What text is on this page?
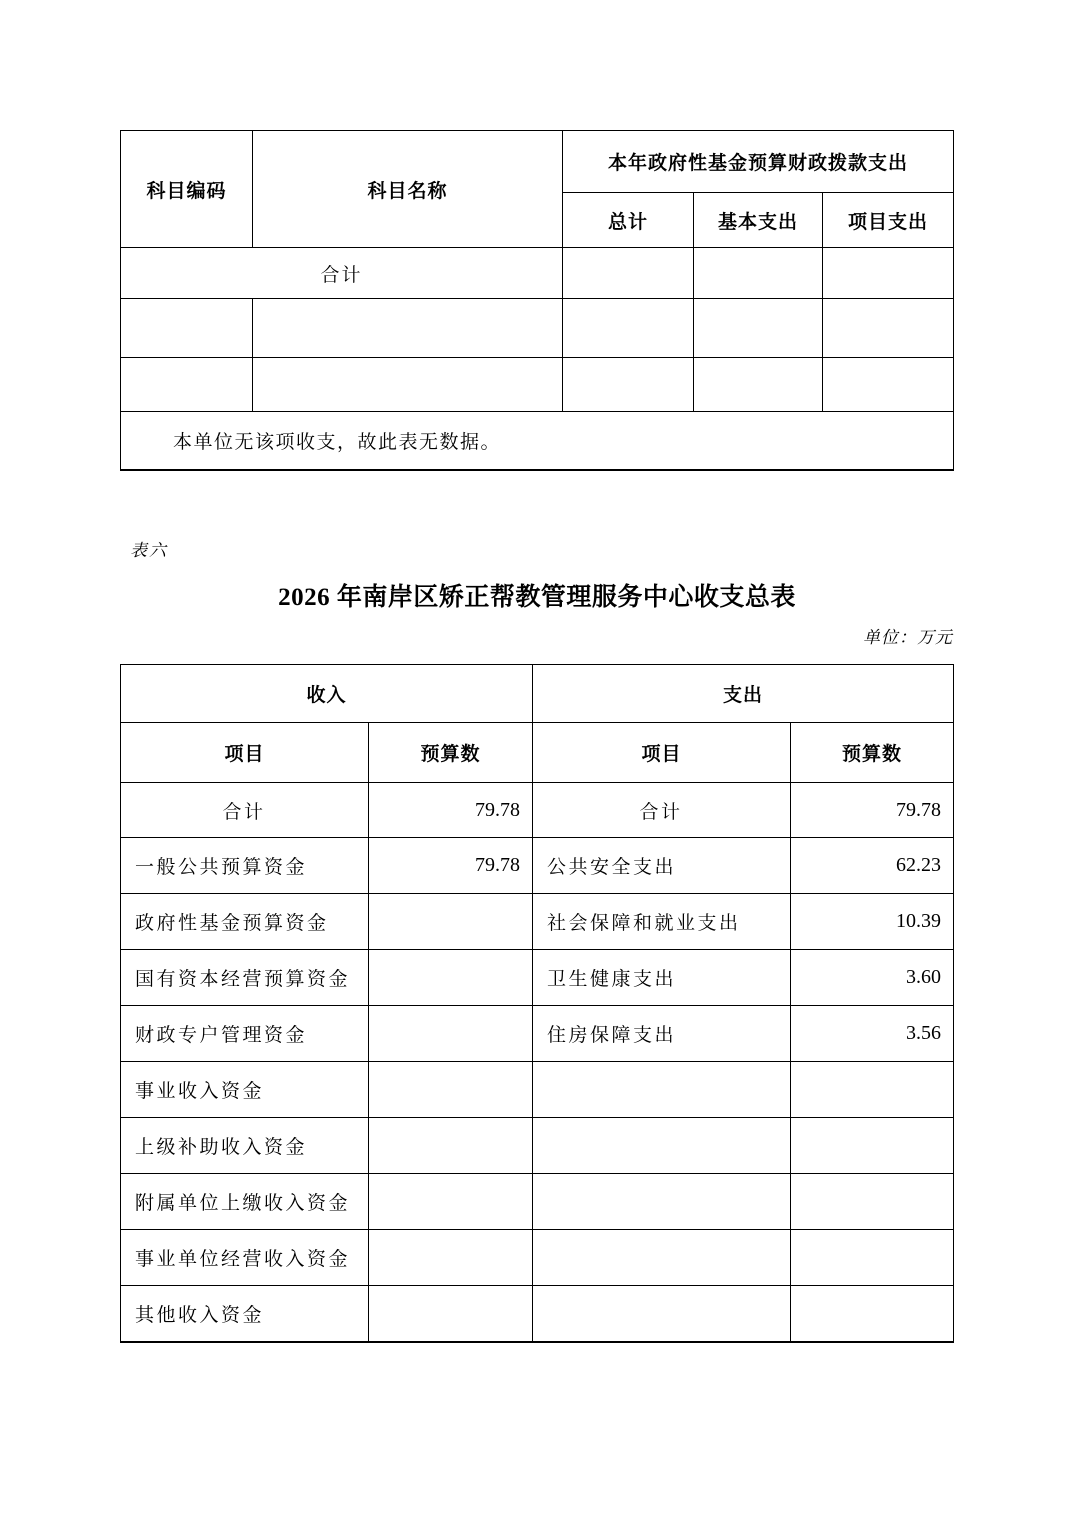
科目编码	科目名称	本年政府性基金预算财政拨款支出		
		总计	基本支出	项目支出
合计				

本单位无该项收支，故此表无数据。				
表六
2026 年南岸区矫正帮教管理服务中心收支总表
单位：万元
收入		支出	
项目	预算数	项目	预算数
合计	79.78	合计	79.78
一般公共预算资金	79.78	公共安全支出	62.23
政府性基金预算资金		社会保障和就业支出	10.39
国有资本经营预算资金		卫生健康支出	3.60
财政专户管理资金		住房保障支出	3.56
事业收入资金			
上级补助收入资金			
附属单位上缴收入资金			
事业单位经营收入资金			
其他收入资金			
